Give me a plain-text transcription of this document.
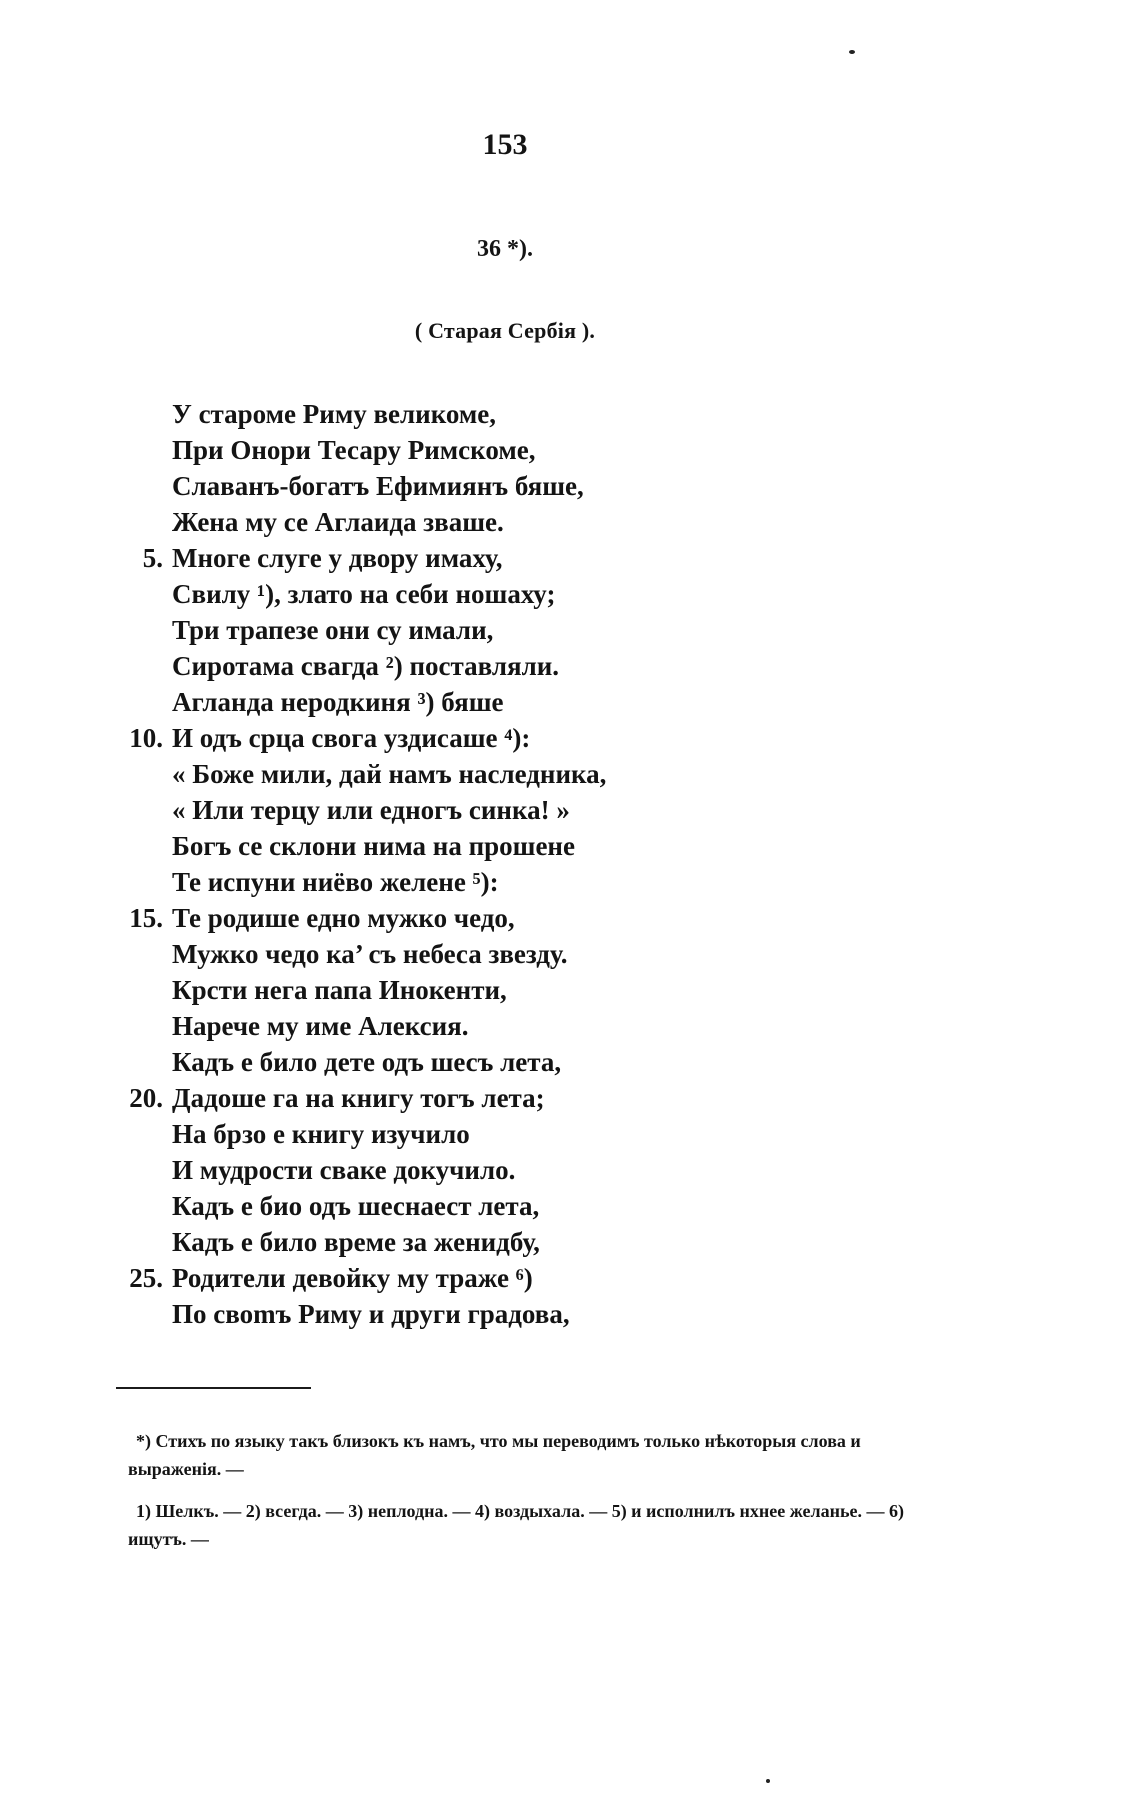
153
36 *).
( Старая Сербія ).
У староме Риму великоме,
При Онори Тесару Римскоме,
Славанъ-богатъ Ефимиянъ бяше,
Жена му се Аглаида зваше.
5. Многе слуге у двору имаху,
Свилу ¹), злато на себи ношаху;
Три трапезе они су имали,
Сиротама свагда ²) поставляли.
Агланда неродкиня ³) бяше
10. И одъ срца свога уздисаше ⁴):
« Боже мили, дай намъ наследника,
« Или терцу или едногъ синка! »
Богъ се склони нима на прошене
Те испуни ниёво желене ⁵):
15. Те родише едно мужко чедо,
Мужко чедо ка’ съ небеса звезду.
Крсти нега папа Инокенти,
Нарече му име Алексия.
Кадъ е било дете одъ шесъ лета,
20. Дадоше га на книгу тогъ лета;
На брзо е книгу изучило
И мудрости сваке докучило.
Кадъ е био одъ шеснаест лета,
Кадъ е било време за женидбу,
25. Родители девойку му траже ⁶)
По своmъ Риму и други градова,

*) Стихъ по языку такъ близокъ къ намъ, что мы переводимъ только нѣкоторыя слова и выраженія. —

1) Шелкъ. — 2) всегда. — 3) неплодна. — 4) воздыхала. — 5) и исполнилъ нхнее желанье. — 6) ищутъ. —
